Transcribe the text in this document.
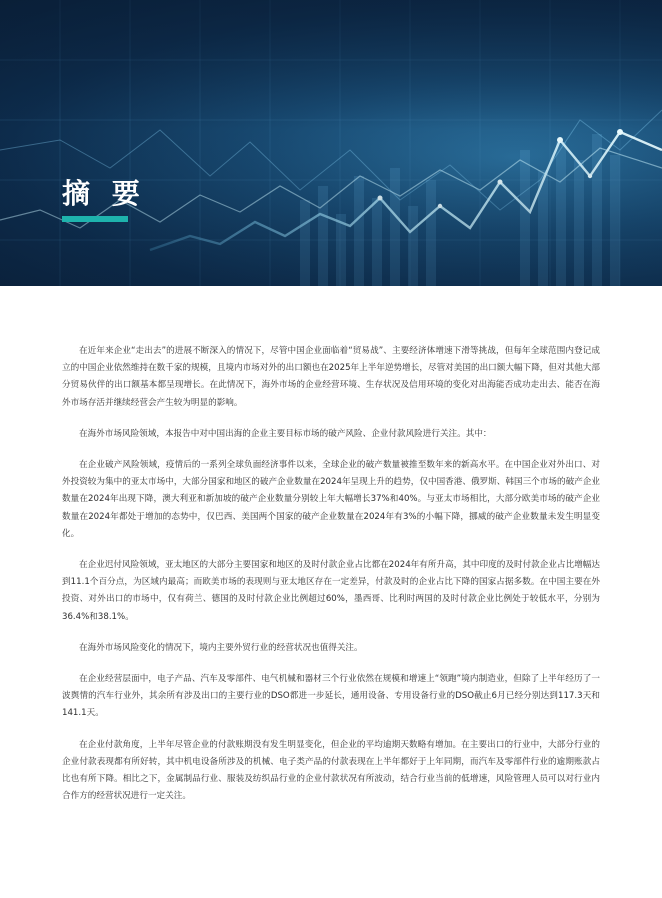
摘 要

在近年来企业“走出去”的进展不断深入的情况下，尽管中国企业面临着“贸易战”、主要经济体增速下滑等挑战，但每年全球范围内登记成立的中国企业依然维持在数千家的规模，且境内市场对外的出口额也在2025年上半年逆势增长，尽管对美国的出口额大幅下降，但对其他大部分贸易伙伴的出口额基本都呈现增长。在此情况下，海外市场的企业经营环境、生存状况及信用环境的变化对出海能否成功走出去、能否在海外市场存活并继续经营会产生较为明显的影响。

在海外市场风险领域，本报告中对中国出海的企业主要目标市场的破产风险、企业付款风险进行关注。其中：

在企业破产风险领域，疫情后的一系列全球负面经济事件以来，全球企业的破产数量被推至数年来的新高水平。在中国企业对外出口、对外投资较为集中的亚太市场中，大部分国家和地区的破产企业数量在2024年呈现上升的趋势，仅中国香港、俄罗斯、韩国三个市场的破产企业数量在2024年出现下降，澳大利亚和新加坡的破产企业数量分别较上年大幅增长37%和40%。与亚太市场相比，大部分欧美市场的破产企业数量在2024年都处于增加的态势中，仅巴西、美国两个国家的破产企业数量在2024年有3%的小幅下降，挪威的破产企业数量未发生明显变化。

在企业迟付风险领域，亚太地区的大部分主要国家和地区的及时付款企业占比都在2024年有所升高，其中印度的及时付款企业占比增幅达到11.1个百分点，为区域内最高；而欧美市场的表现则与亚太地区存在一定差异，付款及时的企业占比下降的国家占据多数。在中国主要在外投资、对外出口的市场中，仅有荷兰、德国的及时付款企业比例超过60%，墨西哥、比利时两国的及时付款企业比例处于较低水平，分别为36.4%和38.1%。

在海外市场风险变化的情况下，境内主要外贸行业的经营状况也值得关注。

在企业经营层面中，电子产品、汽车及零部件、电气机械和器材三个行业依然在规模和增速上“领跑”境内制造业，但除了上半年经历了一波舆情的汽车行业外，其余所有涉及出口的主要行业的DSO都进一步延长，通用设备、专用设备行业的DSO截止6月已经分别达到117.3天和141.1天。

在企业付款角度，上半年尽管企业的付款账期没有发生明显变化，但企业的平均逾期天数略有增加。在主要出口的行业中，大部分行业的企业付款表现都有所好转，其中机电设备所涉及的机械、电子类产品的付款表现在上半年都好于上年同期，而汽车及零部件行业的逾期账款占比也有所下降。相比之下，金属制品行业、服装及纺织品行业的企业付款状况有所波动，结合行业当前的低增速，风险管理人员可以对行业内合作方的经营状况进行一定关注。
